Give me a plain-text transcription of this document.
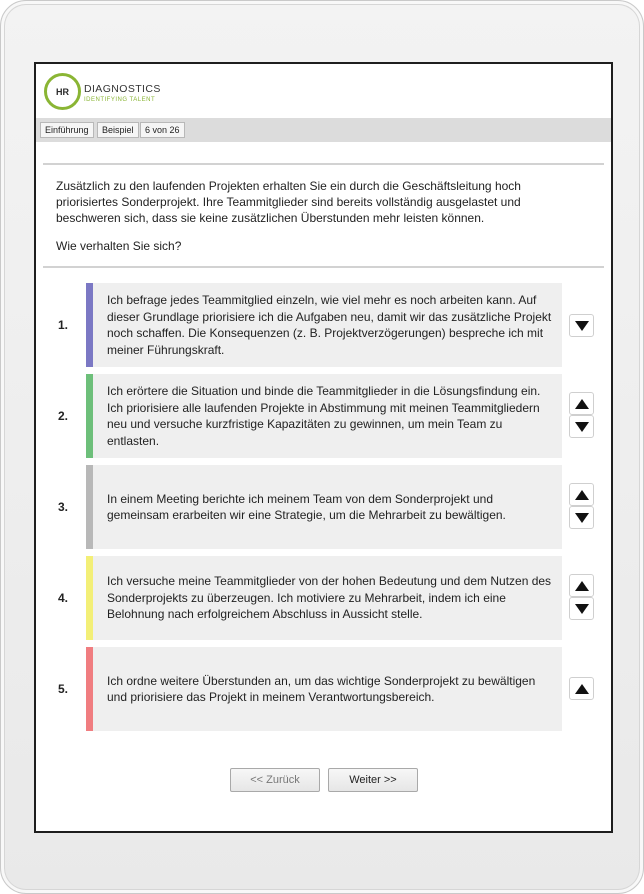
HR DIAGNOSTICS
IDENTIFYING TALENT
Einführung	Beispiel	6 von 26
Zusätzlich zu den laufenden Projekten erhalten Sie ein durch die Geschäftsleitung hoch priorisiertes Sonderprojekt. Ihre Teammitglieder sind bereits vollständig ausgelastet und beschweren sich, dass sie keine zusätzlichen Überstunden mehr leisten können.
Wie verhalten Sie sich?
1.
Ich befrage jedes Teammitglied einzeln, wie viel mehr es noch arbeiten kann. Auf dieser Grundlage priorisiere ich die Aufgaben neu, damit wir das zusätzliche Projekt noch schaffen. Die Konsequenzen (z. B. Projektverzögerungen) bespreche ich mit meiner Führungskraft.
2.
Ich erörtere die Situation und binde die Teammitglieder in die Lösungsfindung ein. Ich priorisiere alle laufenden Projekte in Abstimmung mit meinen Teammitgliedern neu und versuche kurzfristige Kapazitäten zu gewinnen, um mein Team zu entlasten.
3.
In einem Meeting berichte ich meinem Team von dem Sonderprojekt und gemeinsam erarbeiten wir eine Strategie, um die Mehrarbeit zu bewältigen.
4.
Ich versuche meine Teammitglieder von der hohen Bedeutung und dem Nutzen des Sonderprojekts zu überzeugen. Ich motiviere zu Mehrarbeit, indem ich eine Belohnung nach erfolgreichem Abschluss in Aussicht stelle.
5.
Ich ordne weitere Überstunden an, um das wichtige Sonderprojekt zu bewältigen und priorisiere das Projekt in meinem Verantwortungsbereich.
<< Zurück	Weiter >>
